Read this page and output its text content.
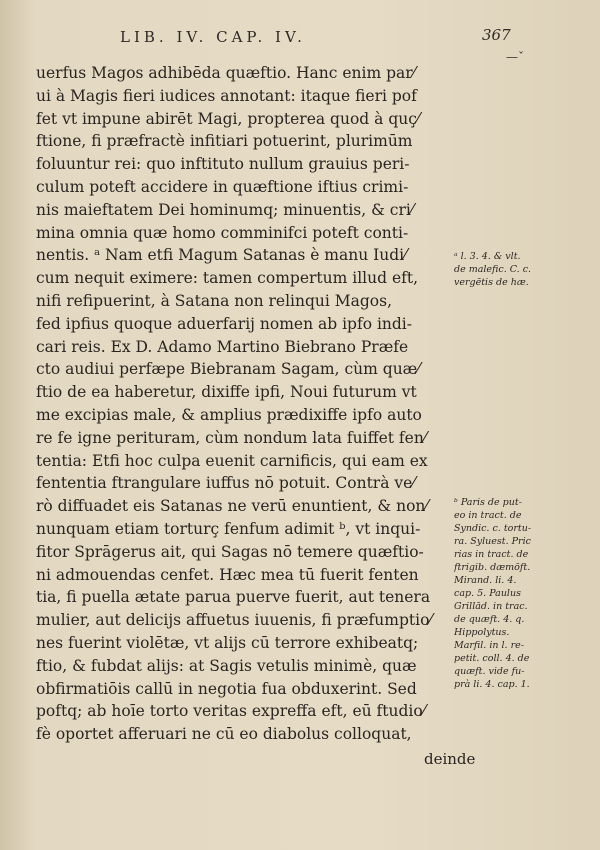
LIB. IV. CAP. IV.	367
—ˇ
uerfus Magos adhibēda quæftio. Hanc enim par⁄
ui à Magis fieri iudices annotant: itaque fieri pof
fet vt impune abirēt Magi, propterea quod à quç⁄
ftione, fi præfractè infitiari potuerint, plurimūm
foluuntur rei: quo inftituto nullum grauius peri-
culum poteft accidere in quæftione iftius crimi-
nis maieftatem Dei hominumq; minuentis, & cri⁄
mina omnia quæ homo comminifci poteft conti-
nentis. ᵃ Nam etfi Magum Satanas è manu Iudi⁄
cum nequit eximere: tamen compertum illud eft,
nifi refipuerint, à Satana non relinqui Magos,
fed ipfius quoque aduerfarij nomen ab ipfo indi-
cari reis. Ex D. Adamo Martino Biebrano Præfe
cto audiui perfæpe Biebranam Sagam, cùm quæ⁄
ftio de ea haberetur, dixiffe ipfi, Noui futurum vt
me excipias male, & amplius prædixiffe ipfo auto
re fe igne perituram, cùm nondum lata fuiffet fen⁄
tentia: Etfi hoc culpa euenit carnificis, qui eam ex
fententia ftrangulare iuffus nō potuit. Contrà ve⁄
rò diffuadet eis Satanas ne verū enuntient, & non⁄
nunquam etiam torturç fenfum adimit ᵇ, vt inqui-
fitor Sprāgerus ait, qui Sagas nō temere quæftio-
ni admouendas cenfet. Hæc mea tū fuerit fenten
tia, fi puella ætate parua puerve fuerit, aut tenera
mulier, aut delicijs affuetus iuuenis, fi præfumptio⁄
nes fuerint violētæ, vt alijs cū terrore exhibeatq;
ftio, & fubdat alijs: at Sagis vetulis minimè, quæ
obfirmatiōis callū in negotia fua obduxerint. Sed
poftq; ab hoīe torto veritas expreffa eft, eū ftudio⁄
fè oportet afferuari ne cū eo diabolus colloquat,
deinde
ᵃ l. 3. 4. & vlt.
de malefic. C. c.
vergētis de hæ.
ᵇ Paris de put-
eo in tract. de
Syndic. c. tortu-
ra. Syluest. Pric
rias in tract. de
ftrigib. dæmōft.
Mirand. li. 4.
cap. 5. Paulus
Grillād. in trac.
de quæft. 4. q.
Hippolytus.
Marfil. in l. re-
petit. coll. 4. de
quæft. vide fu-
prà li. 4. cap. 1.
